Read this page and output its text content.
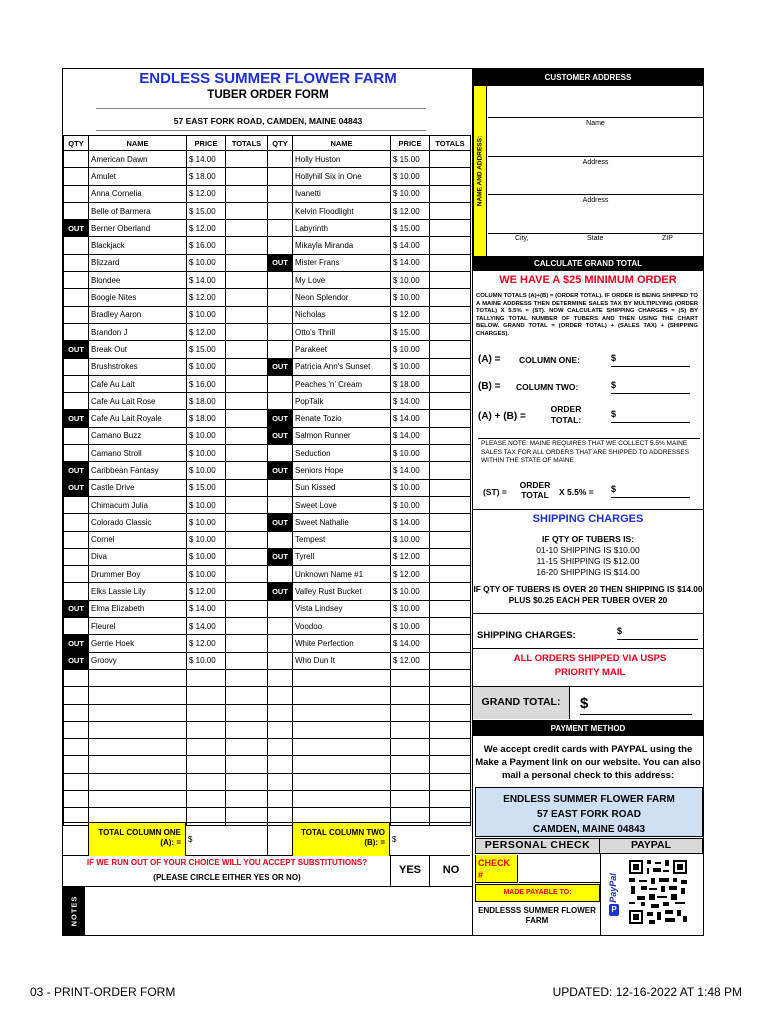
ENDLESS SUMMER FLOWER FARM
TUBER ORDER FORM
57 EAST FORK ROAD, CAMDEN, MAINE 04843
QTY	NAME	PRICE	TOTALS	QTY	NAME	PRICE	TOTALS
	American Dawn	$ 14.00			Holly Huston	$ 15.00	
	Amulet	$ 18.00			Hollyhill Six in One	$ 10.00	
	Anna Cornelia	$ 12.00			Ivanetti	$ 10.00	
	Belle of Barmera	$ 15.00			Kelvin Floodlight	$ 12.00	
OUT	Berner Oberland	$ 12.00			Labyrinth	$ 15.00	
	Blackjack	$ 16.00			Mikayla Miranda	$ 14.00	
	Blizzard	$ 10.00		OUT	Mister Frans	$ 14.00	
	Blondee	$ 14.00			My Love	$ 10.00	
	Boogie Nites	$ 12.00			Neon Splendor	$ 10.00	
	Bradley Aaron	$ 10.00			Nicholas	$ 12.00	
	Brandon J	$ 12.00			Otto's Thrill	$ 15.00	
OUT	Break Out	$ 15.00			Parakeet	$ 10.00	
	Brushstrokes	$ 10.00		OUT	Patricia Ann's Sunset	$ 10.00	
	Cafe Au Lait	$ 16.00			Peaches 'n' Cream	$ 18.00	
	Cafe Au Lait Rose	$ 18.00			PopTalk	$ 14.00	
OUT	Cafe Au Lait Royale	$ 18.00		OUT	Renate Tozio	$ 14.00	
	Camano Buzz	$ 10.00		OUT	Salmon Runner	$ 14.00	
	Camano Stroll	$ 10.00			Seduction	$ 10.00	
OUT	Caribbean Fantasy	$ 10.00		OUT	Seniors Hope	$ 14.00	
OUT	Castle Drive	$ 15.00			Sun Kissed	$ 10.00	
	Chimacum Julia	$ 10.00			Sweet Love	$ 10.00	
	Colorado Classic	$ 10.00		OUT	Sweet Nathalie	$ 14.00	
	Cornel	$ 10.00			Tempest	$ 10.00	
	Diva	$ 10.00		OUT	Tyrell	$ 12.00	
	Drummer Boy	$ 10.00			Unknown Name #1	$ 12.00	
	Elks Lassie Lily	$ 12.00		OUT	Valley Rust Bucket	$ 10.00	
OUT	Elma Elizabeth	$ 14.00			Vista Lindsey	$ 10.00	
	Fleurel	$ 14.00			Voodoo	$ 10.00	
OUT	Gerrie Hoek	$ 12.00			White Perfection	$ 14.00	
OUT	Groovy	$ 10.00			Who Dun It	$ 12.00	

TOTAL COLUMN ONE (A): = $
TOTAL COLUMN TWO (B): = $
IF WE RUN OUT OF YOUR CHOICE WILL YOU ACCEPT SUBSTITUTIONS?
(PLEASE CIRCLE EITHER YES OR NO)
YES	NO
NOTES
CUSTOMER ADDRESS
NAME AND ADDRESS:
Name
Address
Address
City,	State	ZIP
CALCULATE GRAND TOTAL
WE HAVE A $25 MINIMUM ORDER
COLUMN TOTALS (A)+(B) = (ORDER TOTAL). IF ORDER IS BEING SHIPPED TO A MAINE ADDRESS THEN DETERMINE SALES TAX BY MULTIPLYING (ORDER TOTAL) X 5.5% = (ST). NOW CALCULATE SHIPPING CHARGES = (S) BY TALLYING TOTAL NUMBER OF TUBERS AND THEN USING THE CHART BELOW. GRAND TOTAL = (ORDER TOTAL) + (SALES TAX) + (SHIPPING CHARGES).
(A) = COLUMN ONE:	$
(B) = COLUMN TWO:	$
(A) + (B) =
ORDER TOTAL:
$
PLEASE NOTE: MAINE REQUIRES THAT WE COLLECT 5.5% MAINE SALES TAX FOR ALL ORDERS THAT ARE SHIPPED TO ADDRESSES WITHIN THE STATE OF MAINE
(ST) =
ORDER TOTAL	X 5.5% = $
SHIPPING CHARGES
IF QTY OF TUBERS IS:
01-10 SHIPPING IS $10.00
11-15 SHIPPING IS $12.00
16-20 SHIPPING IS $14.00
IF QTY OF TUBERS IS OVER 20 THEN SHIPPING IS $14.00 PLUS $0.25 EACH PER TUBER OVER 20
SHIPPING CHARGES:	$
ALL ORDERS SHIPPED VIA USPS PRIORITY MAIL
GRAND TOTAL:	$
PAYMENT METHOD
We accept credit cards with PAYPAL using the Make a Payment link on our website. You can also mail a personal check to this address:
ENDLESS SUMMER FLOWER FARM
57 EAST FORK ROAD
CAMDEN, MAINE 04843
PERSONAL CHECK	PAYPAL
CHECK #
MADE PAYABLE TO:
ENDLESSS SUMMER FLOWER FARM
PayPal
P
03 - PRINT-ORDER FORM	UPDATED: 12-16-2022 AT 1:48 PM
